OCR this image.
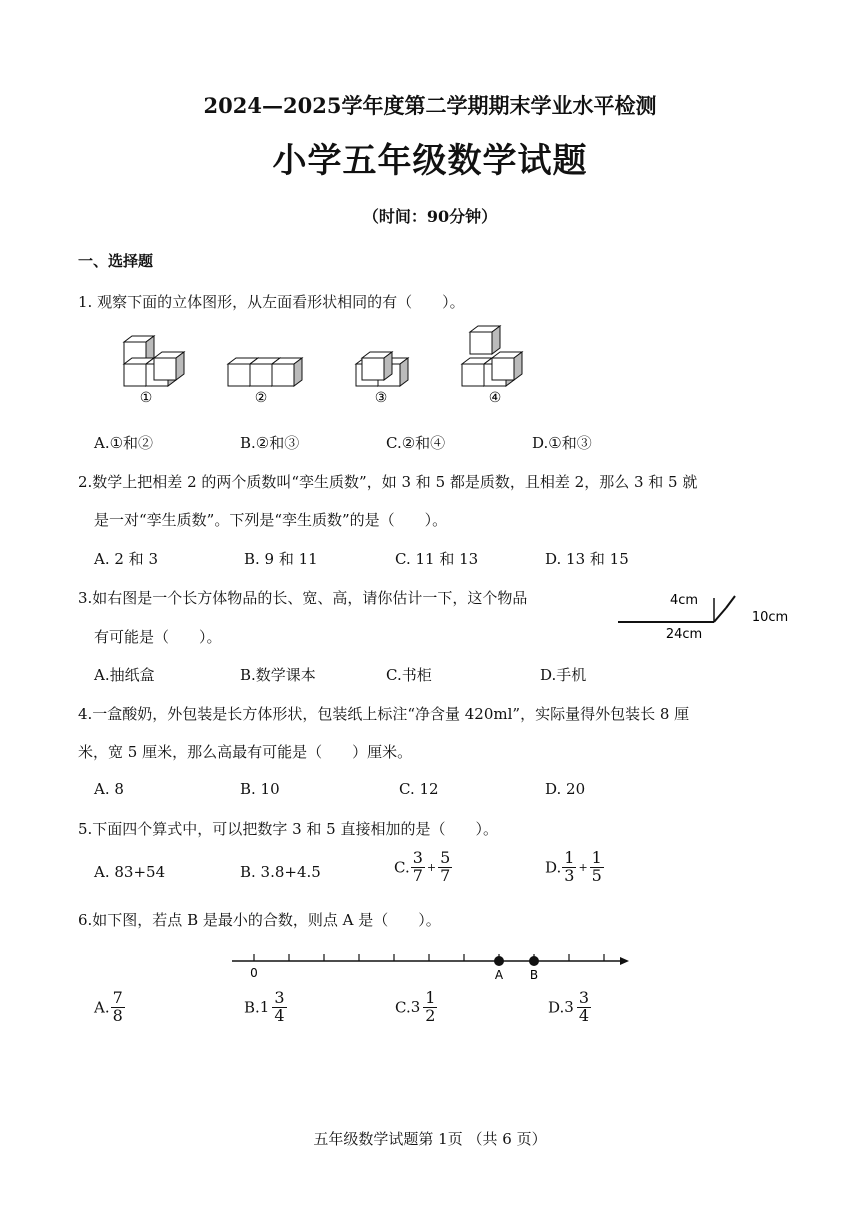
2024—2025学年度第二学期期末学业水平检测
小学五年级数学试题
（时间：90分钟）
一、选择题
1. 观察下面的立体图形，从左面看形状相同的有（　　）。
①	②	③	④
A.①和②	B.②和③	C.②和④	D.①和③
2.数学上把相差 2 的两个质数叫“孪生质数”，如 3 和 5 都是质数，且相差 2，那么 3 和 5 就
是一对“孪生质数”。下列是“孪生质数”的是（　　）。
A. 2 和 3	B. 9 和 11	C. 11 和 13	D. 13 和 15
3.如右图是一个长方体物品的长、宽、高，请你估计一下，这个物品
有可能是（　　）。
4cm
24cm
10cm
A.抽纸盒	B.数学课本	C.书柜	D.手机
4.一盒酸奶，外包装是长方体形状，包装纸上标注“净含量 420ml”，实际量得外包装长 8 厘
米，宽 5 厘米，那么高最有可能是（　　）厘米。
A. 8	B. 10	C. 12	D. 20
5.下面四个算式中，可以把数字 3 和 5 直接相加的是（　　）。
A. 83+54	B. 3.8+4.5	C. $\frac{3}{7} + \frac{5}{7}$	D. $\frac{1}{3} + \frac{1}{5}$
6.如下图，若点 B 是最小的合数，则点 A 是（　　）。
0	A B
A. $\frac{7}{8}$	$B.1 \frac{3}{4}$	$C.3 \frac{1}{2}$	$D.3 \frac{3}{4}$
五年级数学试题第 1页 （共 6 页）
